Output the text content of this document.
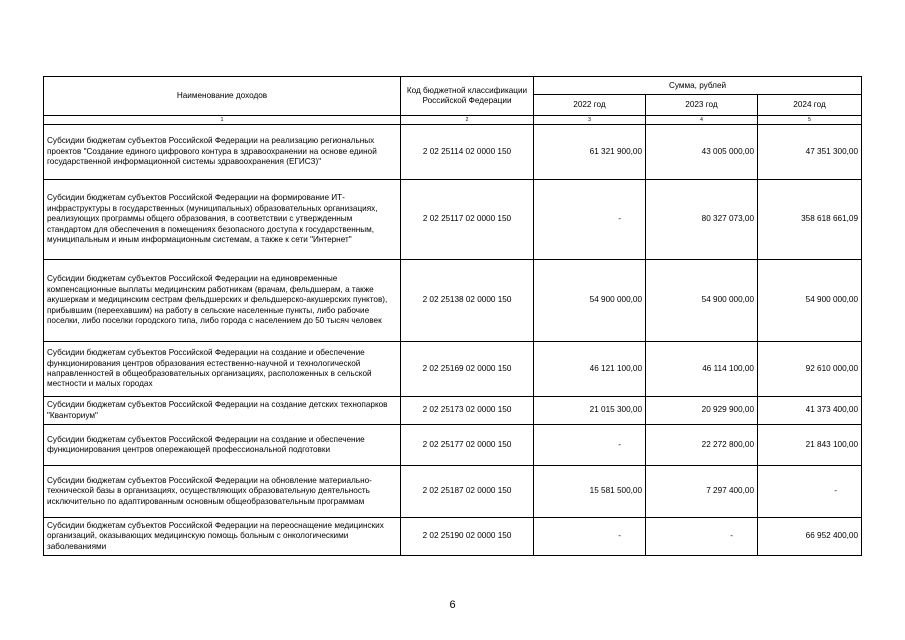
Наименование доходов	Код бюджетной классификации Российской Федерации	Сумма, рублей		
		2022 год	2023 год	2024 год
1	2	3	4	5
Субсидии бюджетам субъектов Российской Федерации на реализацию региональных проектов "Создание единого цифрового контура в здравоохранении на основе единой государственной информационной системы здравоохранения (ЕГИСЗ)"	2 02 25114 02 0000 150	61 321 900,00	43 005 000,00	47 351 300,00
Субсидии бюджетам субъектов Российской Федерации на формирование ИТ-инфраструктуры в государственных (муниципальных) образовательных организациях, реализующих программы общего образования, в соответствии с утвержденным стандартом для обеспечения в помещениях безопасного доступа к государственным, муниципальным и иным информационным системам, а также к сети "Интернет"	2 02 25117 02 0000 150	-	80 327 073,00	358 618 661,09
Субсидии бюджетам субъектов Российской Федерации на единовременные компенсационные выплаты медицинским работникам (врачам, фельдшерам, а также акушеркам и медицинским сестрам фельдшерских и фельдшерско-акушерских пунктов), прибывшим (переехавшим) на работу в сельские населенные пункты, либо рабочие поселки, либо поселки городского типа, либо города с населением до 50 тысяч человек	2 02 25138 02 0000 150	54 900 000,00	54 900 000,00	54 900 000,00
Субсидии бюджетам субъектов Российской Федерации на создание и обеспечение функционирования центров образования естественно-научной и технологической направленностей в общеобразовательных организациях, расположенных в сельской местности и малых городах	2 02 25169 02 0000 150	46 121 100,00	46 114 100,00	92 610 000,00
Субсидии бюджетам субъектов Российской Федерации на создание детских технопарков "Кванториум"	2 02 25173 02 0000 150	21 015 300,00	20 929 900,00	41 373 400,00
Субсидии бюджетам субъектов Российской Федерации на создание и обеспечение функционирования центров опережающей профессиональной подготовки	2 02 25177 02 0000 150	-	22 272 800,00	21 843 100,00
Субсидии бюджетам субъектов Российской Федерации на обновление материально-технической базы в организациях, осуществляющих образовательную деятельность исключительно по адаптированным основным общеобразовательным программам	2 02 25187 02 0000 150	15 581 500,00	7 297 400,00	-
Субсидии бюджетам субъектов Российской Федерации на переоснащение медицинских организаций, оказывающих медицинскую помощь больным с онкологическими заболеваниями	2 02 25190 02 0000 150	-	-	66 952 400,00
6
